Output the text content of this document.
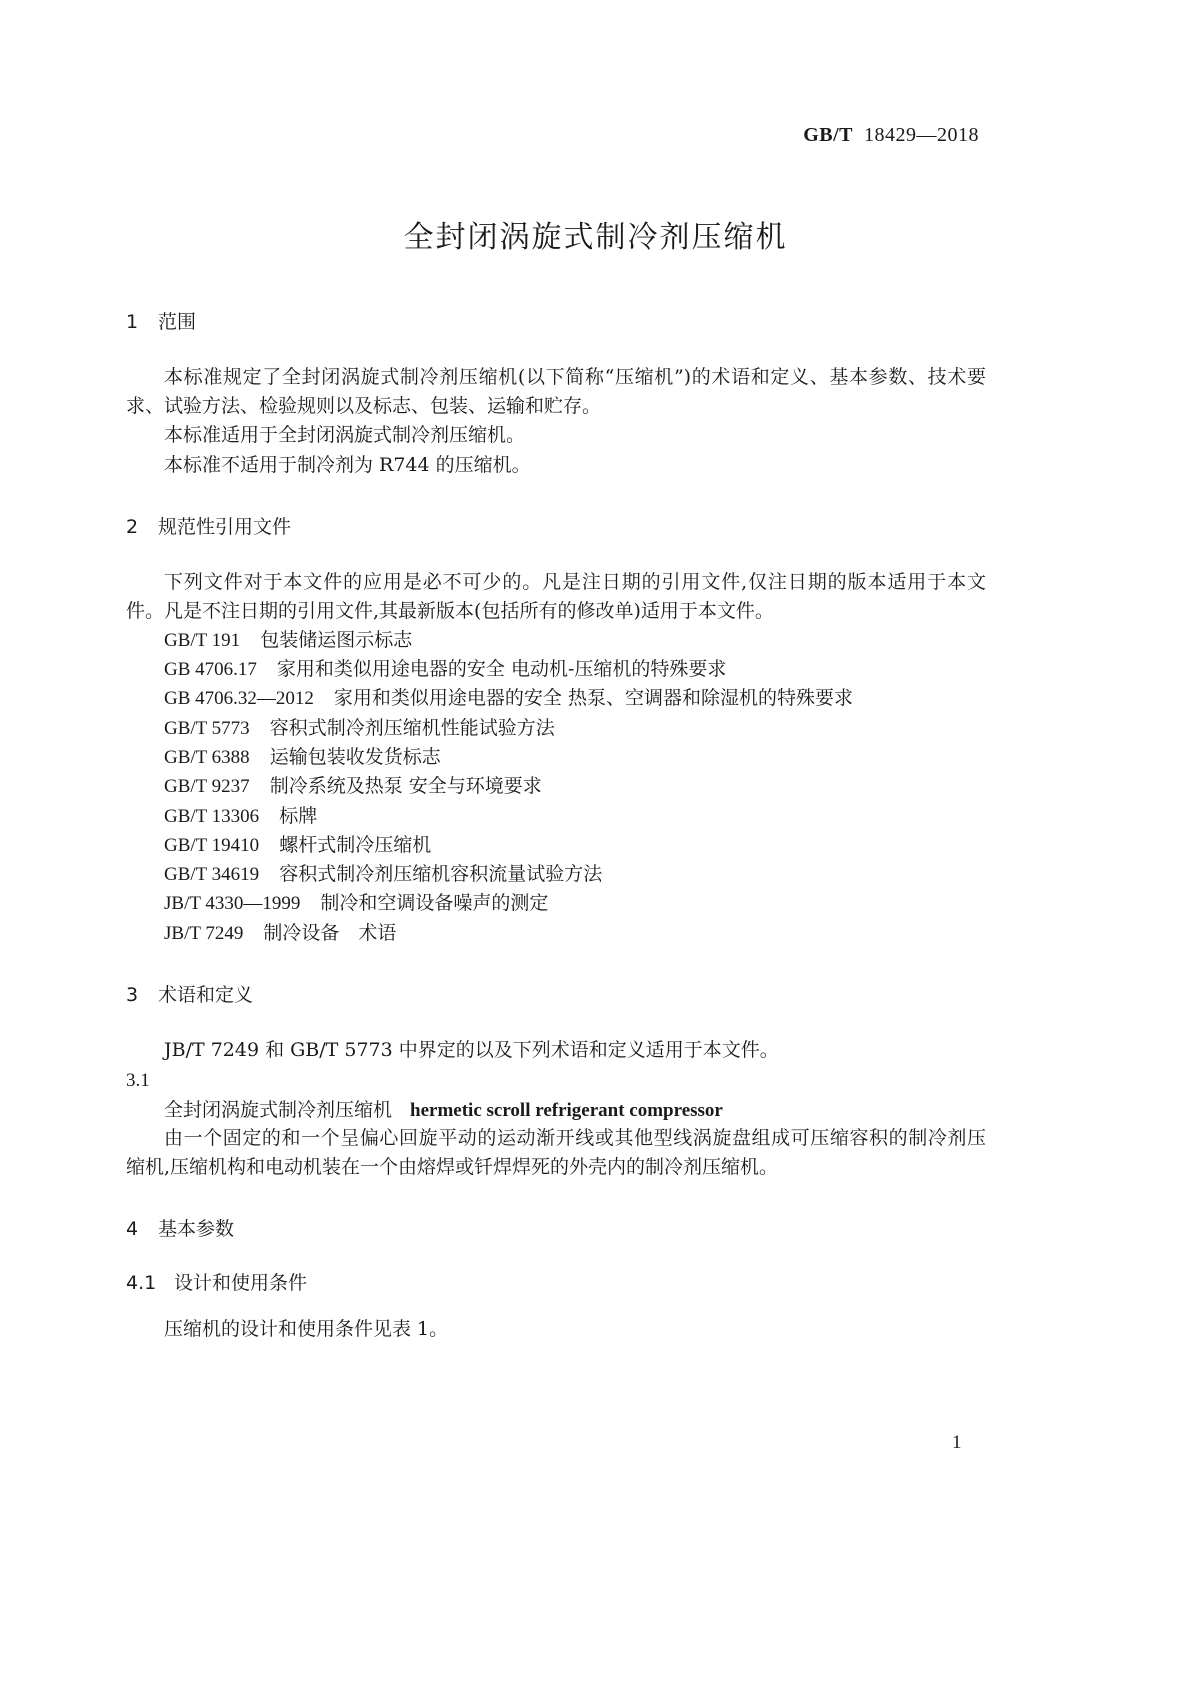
GB/T 18429—2018
全封闭涡旋式制冷剂压缩机
1 范围
本标准规定了全封闭涡旋式制冷剂压缩机(以下简称“压缩机”)的术语和定义、基本参数、技术要
求、试验方法、检验规则以及标志、包装、运输和贮存。
本标准适用于全封闭涡旋式制冷剂压缩机。
本标准不适用于制冷剂为 R744 的压缩机。
2 规范性引用文件
下列文件对于本文件的应用是必不可少的。凡是注日期的引用文件,仅注日期的版本适用于本文
件。凡是不注日期的引用文件,其最新版本(包括所有的修改单)适用于本文件。
GB/T 191 包装储运图示标志
GB 4706.17 家用和类似用途电器的安全 电动机-压缩机的特殊要求
GB 4706.32—2012 家用和类似用途电器的安全 热泵、空调器和除湿机的特殊要求
GB/T 5773 容积式制冷剂压缩机性能试验方法
GB/T 6388 运输包装收发货标志
GB/T 9237 制冷系统及热泵 安全与环境要求
GB/T 13306 标牌
GB/T 19410 螺杆式制冷压缩机
GB/T 34619 容积式制冷剂压缩机容积流量试验方法
JB/T 4330—1999 制冷和空调设备噪声的测定
JB/T 7249 制冷设备　术语
3 术语和定义
JB/T 7249 和 GB/T 5773 中界定的以及下列术语和定义适用于本文件。
3.1
全封闭涡旋式制冷剂压缩机 hermetic scroll refrigerant compressor
由一个固定的和一个呈偏心回旋平动的运动渐开线或其他型线涡旋盘组成可压缩容积的制冷剂压
缩机,压缩机构和电动机装在一个由熔焊或钎焊焊死的外壳内的制冷剂压缩机。
4 基本参数
4.1 设计和使用条件
压缩机的设计和使用条件见表 1。
1
